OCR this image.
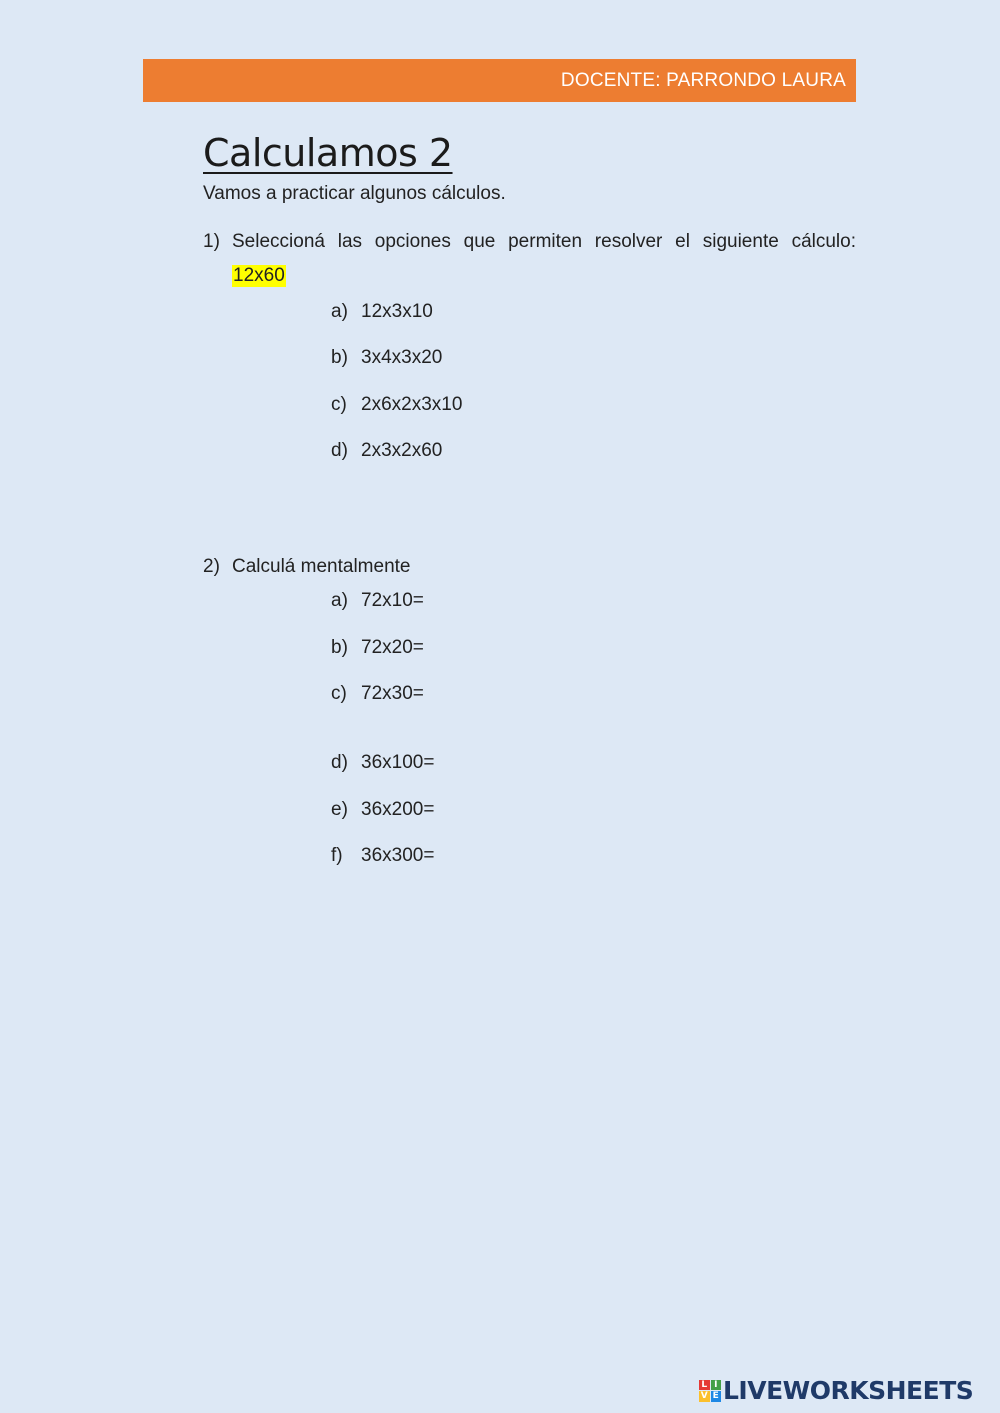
DOCENTE: PARRONDO LAURA
Calculamos 2
Vamos a practicar algunos cálculos.
1) Seleccioná las opciones que permiten resolver el siguiente cálculo:
12x60
a) 12x3x10
b) 3x4x3x20
c) 2x6x2x3x10
d) 2x3x2x60
2) Calculá mentalmente
a) 72x10=
b) 72x20=
c) 72x30=
d) 36x100=
e) 36x200=
f) 36x300=
L I
V E LIVEWORKSHEETS
